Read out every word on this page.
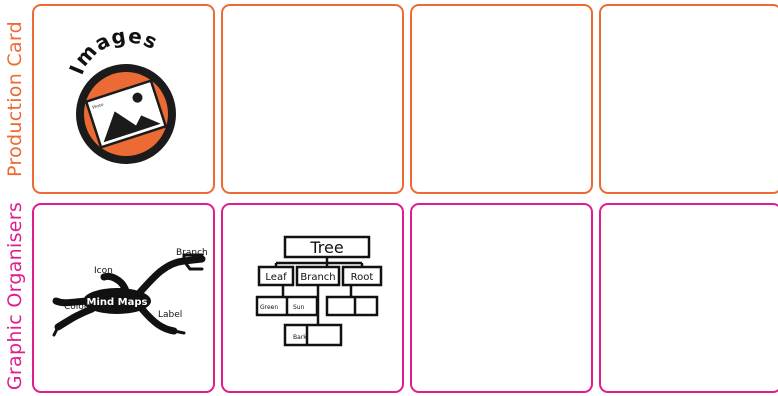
Production Card
Graphic Organisers
Images
Photo
Mind Maps
Branch
Icon
Colour
Label
Tree
Leaf Branch Root
Green Sun
Bark
